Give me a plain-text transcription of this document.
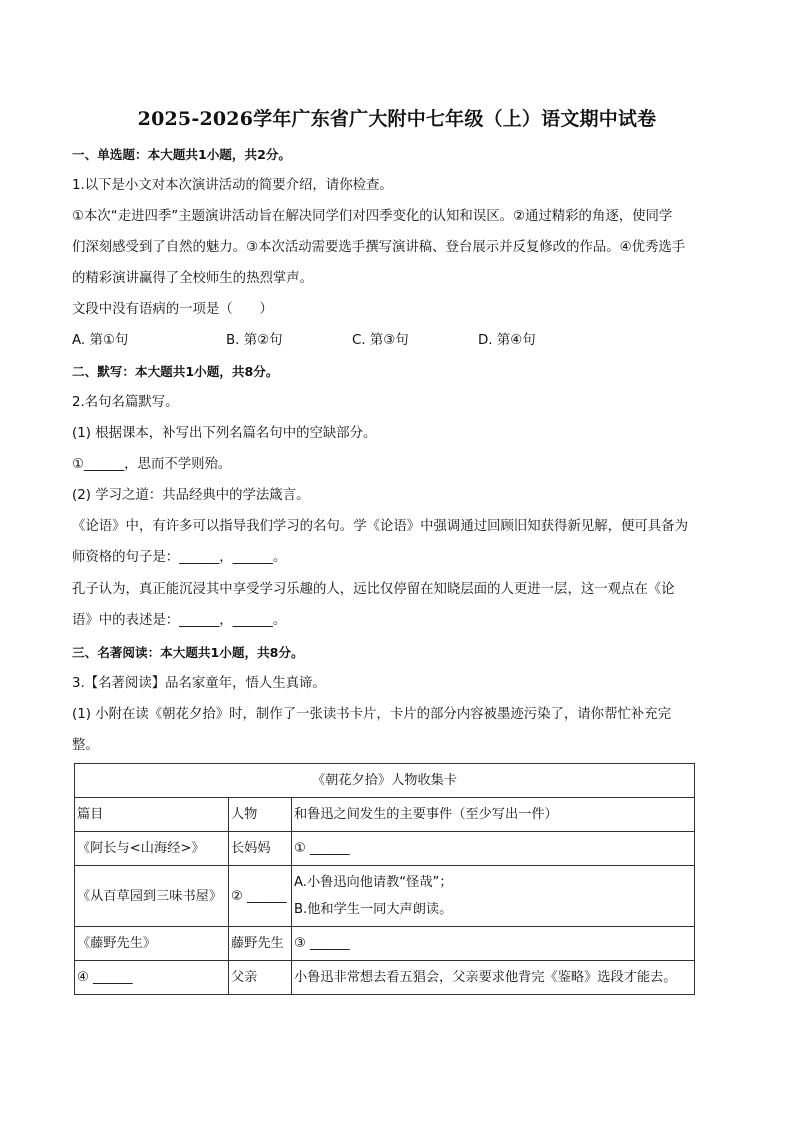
2025-2026学年广东省广大附中七年级（上）语文期中试卷
一、单选题：本大题共1小题，共2分。
1.以下是小文对本次演讲活动的简要介绍，请你检查。
①本次“走进四季”主题演讲活动旨在解决同学们对四季变化的认知和误区。②通过精彩的角逐，使同学
们深刻感受到了自然的魅力。③本次活动需要选手撰写演讲稿、登台展示并反复修改的作品。④优秀选手
的精彩演讲赢得了全校师生的热烈掌声。
文段中没有语病的一项是（　　）
A. 第①句	B. 第②句	C. 第③句	D. 第④句
二、默写：本大题共1小题，共8分。
2.名句名篇默写。
(1) 根据课本，补写出下列名篇名句中的空缺部分。
①______，思而不学则殆。
(2) 学习之道：共品经典中的学法箴言。
《论语》中，有许多可以指导我们学习的名句。学《论语》中强调通过回顾旧知获得新见解，便可具备为
师资格的句子是：______，______。
孔子认为，真正能沉浸其中享受学习乐趣的人，远比仅停留在知晓层面的人更进一层，这一观点在《论
语》中的表述是：______，______。
三、名著阅读：本大题共1小题，共8分。
3.【名著阅读】品名家童年，悟人生真谛。
(1) 小附在读《朝花夕拾》时，制作了一张读书卡片，卡片的部分内容被墨迹污染了，请你帮忙补充完
整。
《朝花夕拾》人物收集卡		
篇目	人物	和鲁迅之间发生的主要事件（至少写出一件）
《阿长与<山海经>》	长妈妈	① ______
《从百草园到三味书屋》	② ______	A.小鲁迅向他请教“怪哉”；
B.他和学生一同大声朗读。
《藤野先生》	藤野先生	③ ______
④ ______	父亲	小鲁迅非常想去看五猖会，父亲要求他背完《鉴略》选段才能去。
